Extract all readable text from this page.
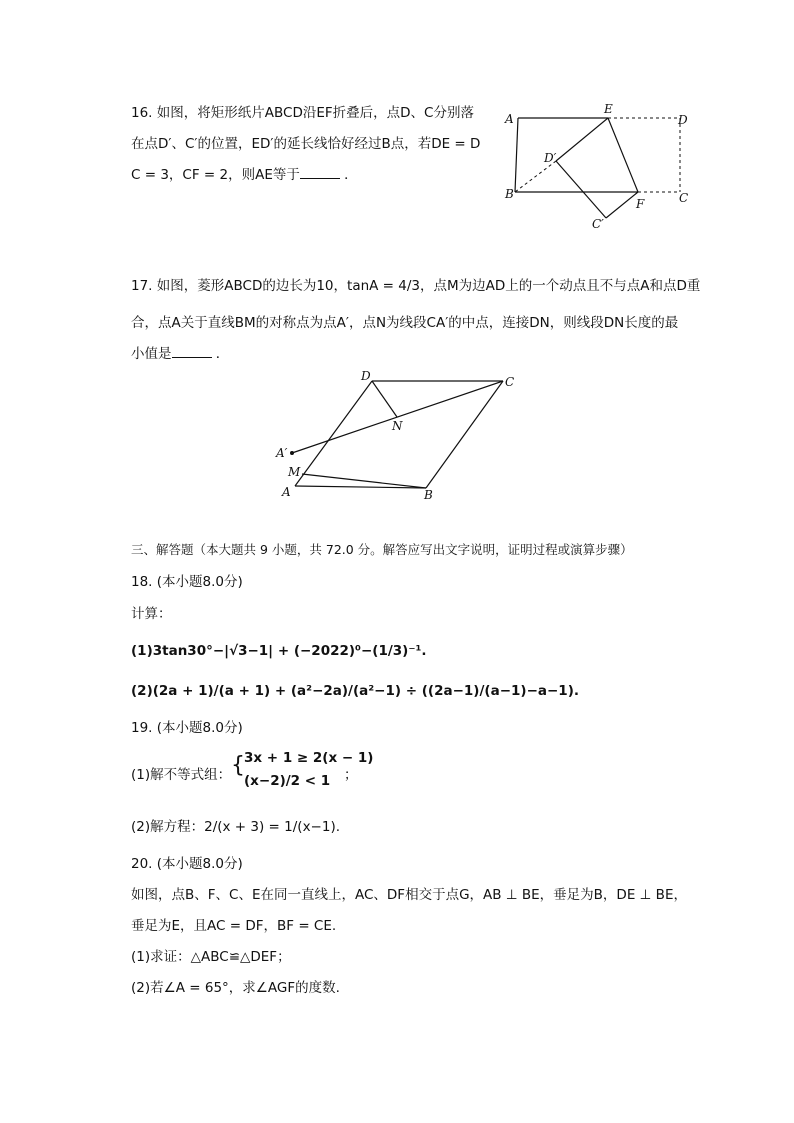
16. 如图，将矩形纸片ABCD沿EF折叠后，点D、C分别落
在点D′、C′的位置，ED′的延长线恰好经过B点，若DE = D
C = 3，CF = 2，则AE等于	．
A
E
D
D′
B
F	C
C′
17. 如图，菱形ABCD的边长为10，tanA = 4/3，点M为边AD上的一个动点且不与点A和点D重
合，点A关于直线BM的对称点为点A′，点N为线段CA′的中点，连接DN，则线段DN长度的最
小值是	．
D	C
N
A′
M
A	B
三、解答题（本大题共 9 小题，共 72.0 分。解答应写出文字说明，证明过程或演算步骤）
18. (本小题8.0分)
计算：
(1)3tan30°−|√3−1| + (−2022)⁰−(1/3)⁻¹.
(2)(2a + 1)/(a + 1) + (a²−2a)/(a²−1) ÷ ((2a−1)/(a−1)−a−1).
19. (本小题8.0分)
(1)解不等式组： { 3x + 1 ≥ 2(x − 1)
(x−2)/2 < 1 ；
(2)解方程：2/(x + 3) = 1/(x−1).
20. (本小题8.0分)
如图，点B、F、C、E在同一直线上，AC、DF相交于点G，AB ⊥ BE，垂足为B，DE ⊥ BE，
垂足为E，且AC = DF，BF = CE.
(1)求证：△ABC≌△DEF；
(2)若∠A = 65°，求∠AGF的度数.
